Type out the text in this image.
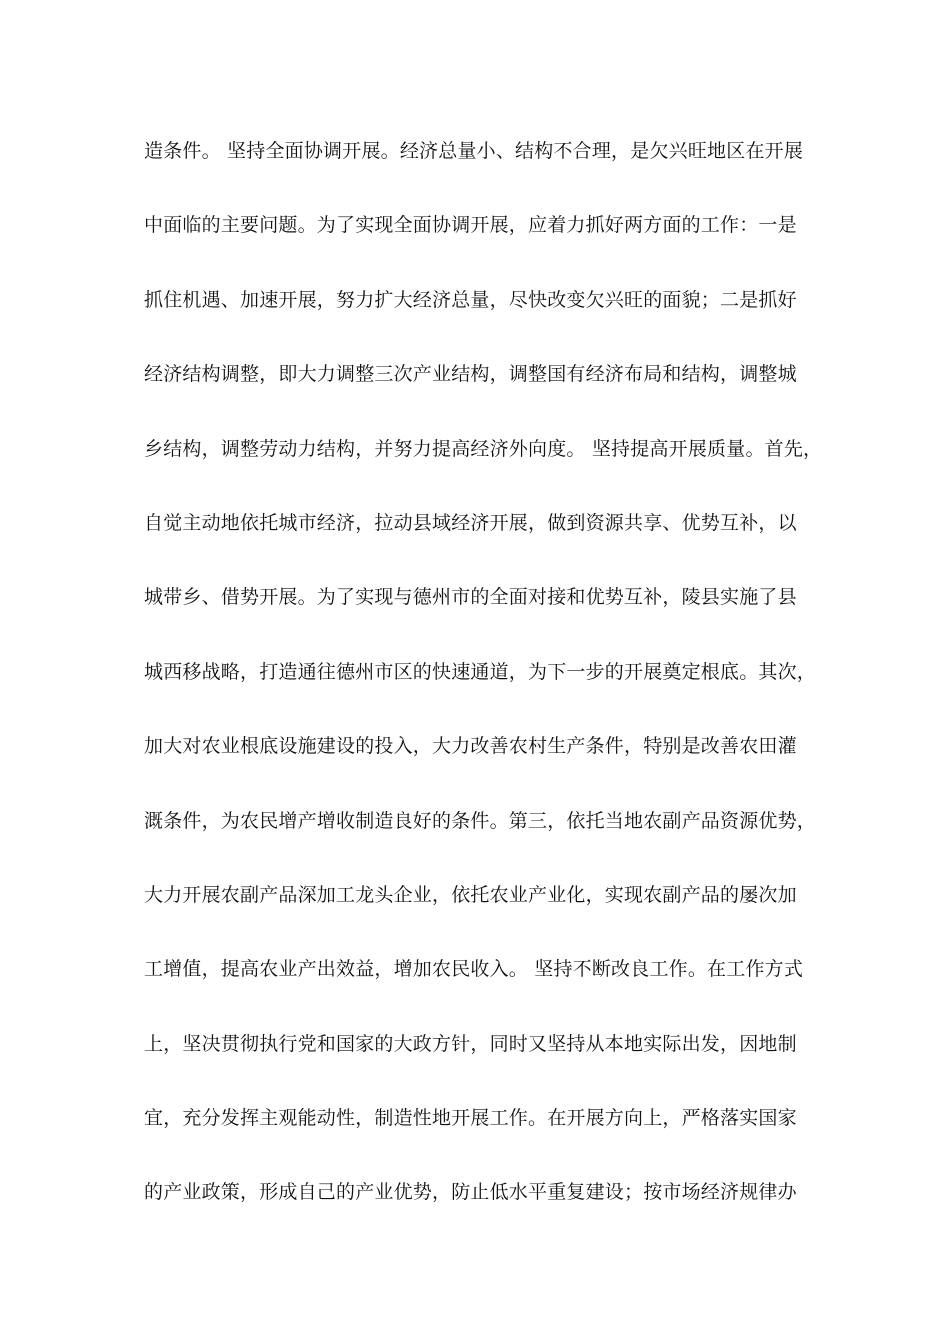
造条件。 坚持全面协调开展。经济总量小、结构不合理，是欠兴旺地区在开展
中面临的主要问题。为了实现全面协调开展，应着力抓好两方面的工作：一是
抓住机遇、加速开展，努力扩大经济总量，尽快改变欠兴旺的面貌；二是抓好
经济结构调整，即大力调整三次产业结构，调整国有经济布局和结构，调整城
乡结构，调整劳动力结构，并努力提高经济外向度。 坚持提高开展质量。首先，
自觉主动地依托城市经济，拉动县域经济开展，做到资源共享、优势互补，以
城带乡、借势开展。为了实现与德州市的全面对接和优势互补，陵县实施了县
城西移战略，打造通往德州市区的快速通道，为下一步的开展奠定根底。其次，
加大对农业根底设施建设的投入，大力改善农村生产条件，特别是改善农田灌
溉条件，为农民增产增收制造良好的条件。第三，依托当地农副产品资源优势，
大力开展农副产品深加工龙头企业，依托农业产业化，实现农副产品的屡次加
工增值，提高农业产出效益，增加农民收入。 坚持不断改良工作。在工作方式
上，坚决贯彻执行党和国家的大政方针，同时又坚持从本地实际出发，因地制
宜，充分发挥主观能动性，制造性地开展工作。在开展方向上，严格落实国家
的产业政策，形成自己的产业优势，防止低水平重复建设；按市场经济规律办
